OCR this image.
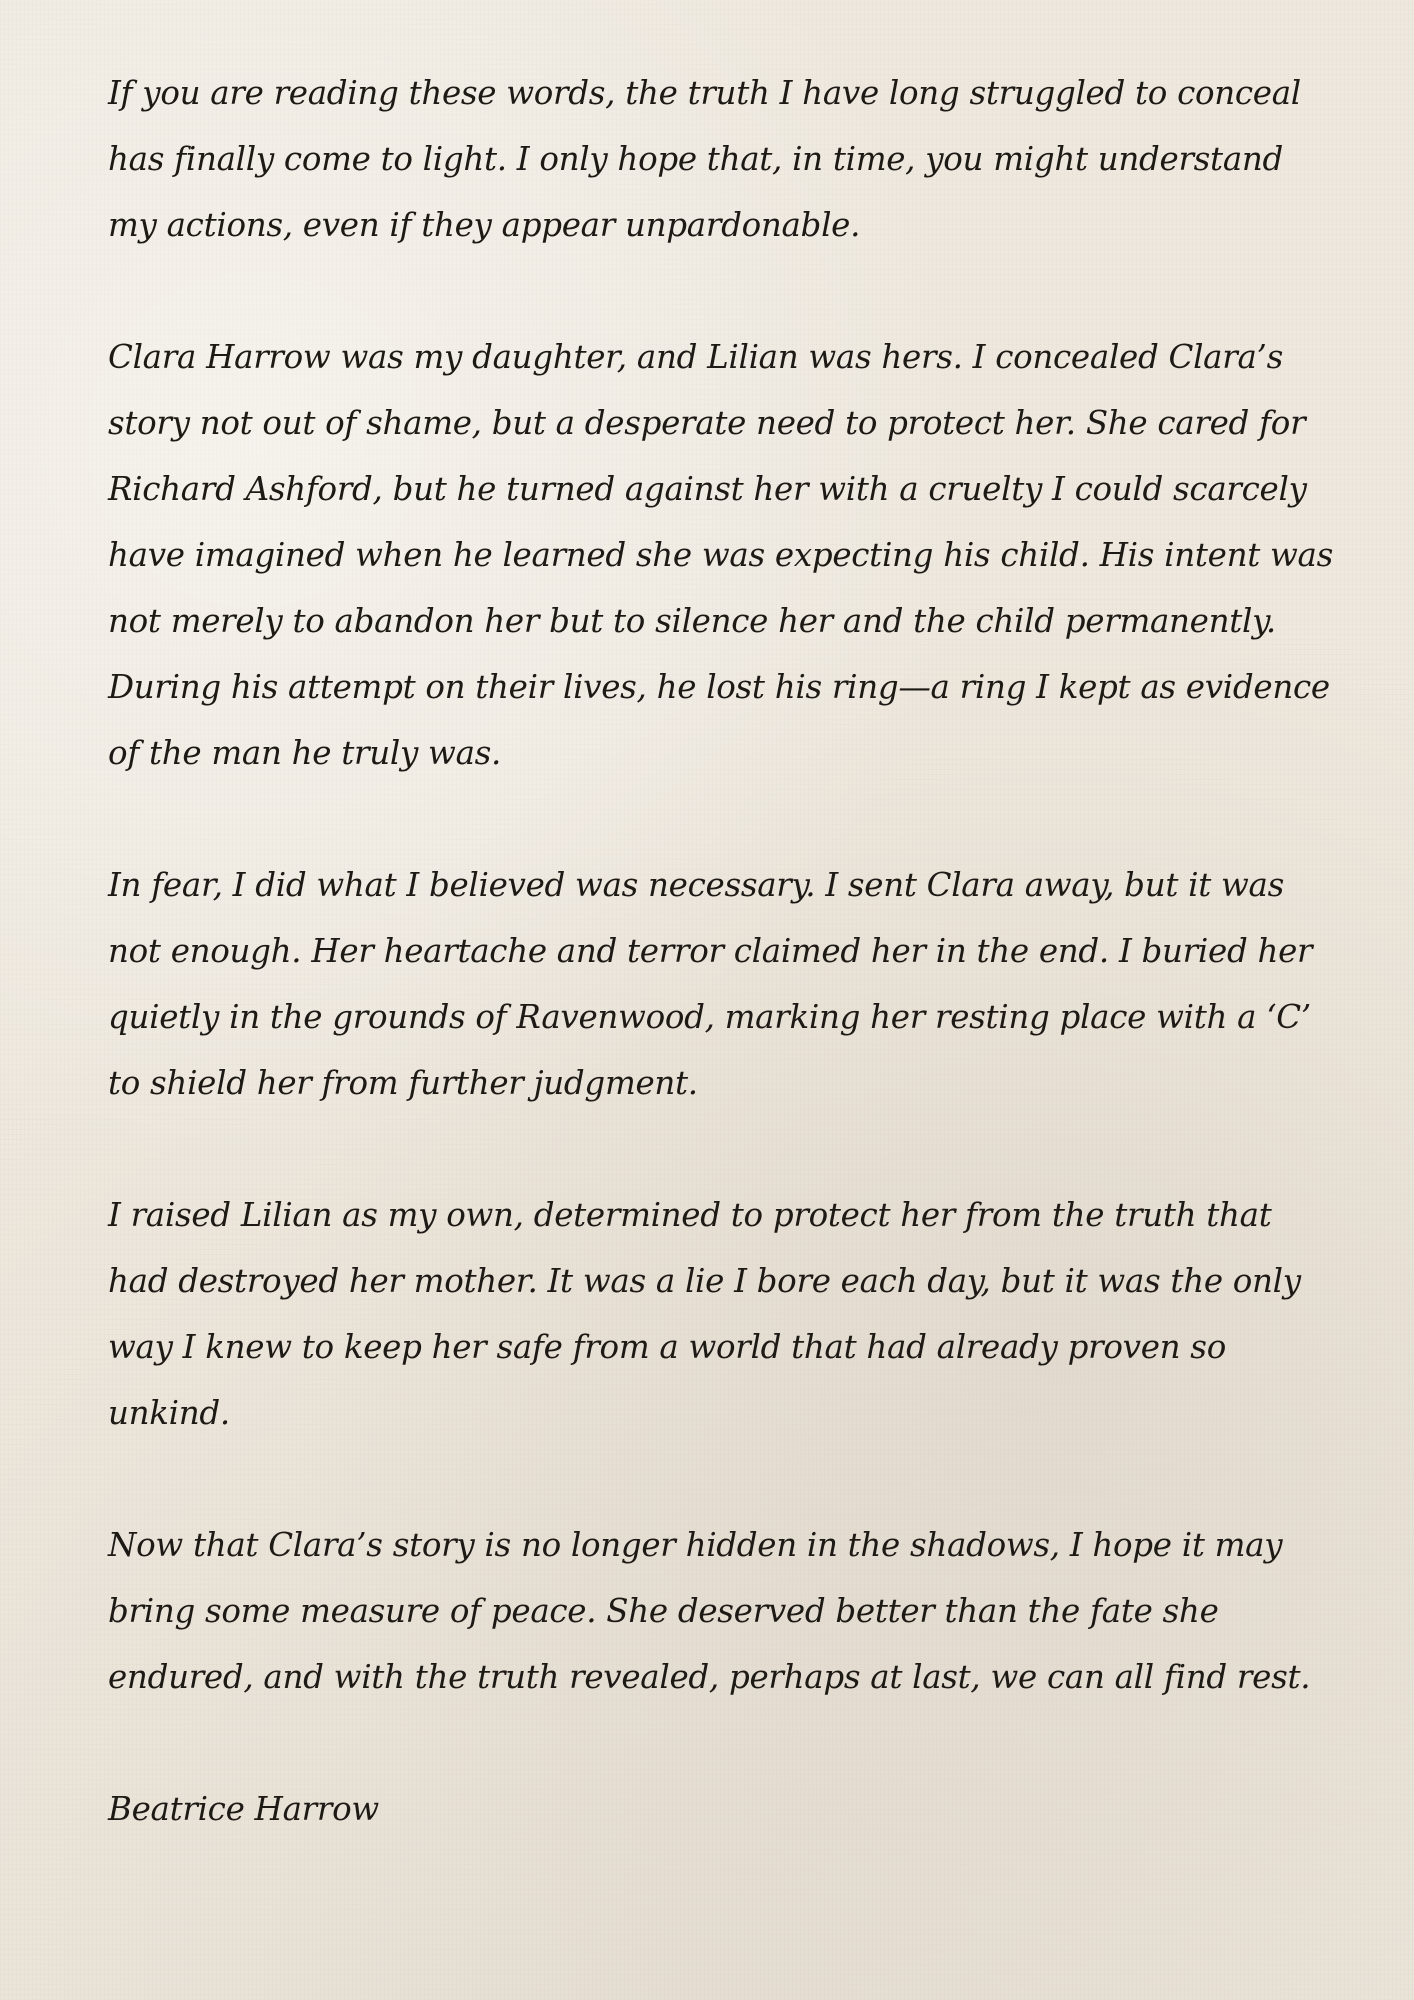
If you are reading these words, the truth I have long struggled to conceal has finally come to light. I only hope that, in time, you might understand my actions, even if they appear unpardonable.

Clara Harrow was my daughter, and Lilian was hers. I concealed Clara’s story not out of shame, but a desperate need to protect her. She cared for Richard Ashford, but he turned against her with a cruelty I could scarcely have imagined when he learned she was expecting his child. His intent was not merely to abandon her but to silence her and the child permanently. During his attempt on their lives, he lost his ring—a ring I kept as evidence of the man he truly was.

In fear, I did what I believed was necessary. I sent Clara away, but it was not enough. Her heartache and terror claimed her in the end. I buried her quietly in the grounds of Ravenwood, marking her resting place with a ‘C’ to shield her from further judgment.

I raised Lilian as my own, determined to protect her from the truth that had destroyed her mother. It was a lie I bore each day, but it was the only way I knew to keep her safe from a world that had already proven so unkind.

Now that Clara’s story is no longer hidden in the shadows, I hope it may bring some measure of peace. She deserved better than the fate she endured, and with the truth revealed, perhaps at last, we can all find rest.

Beatrice Harrow
